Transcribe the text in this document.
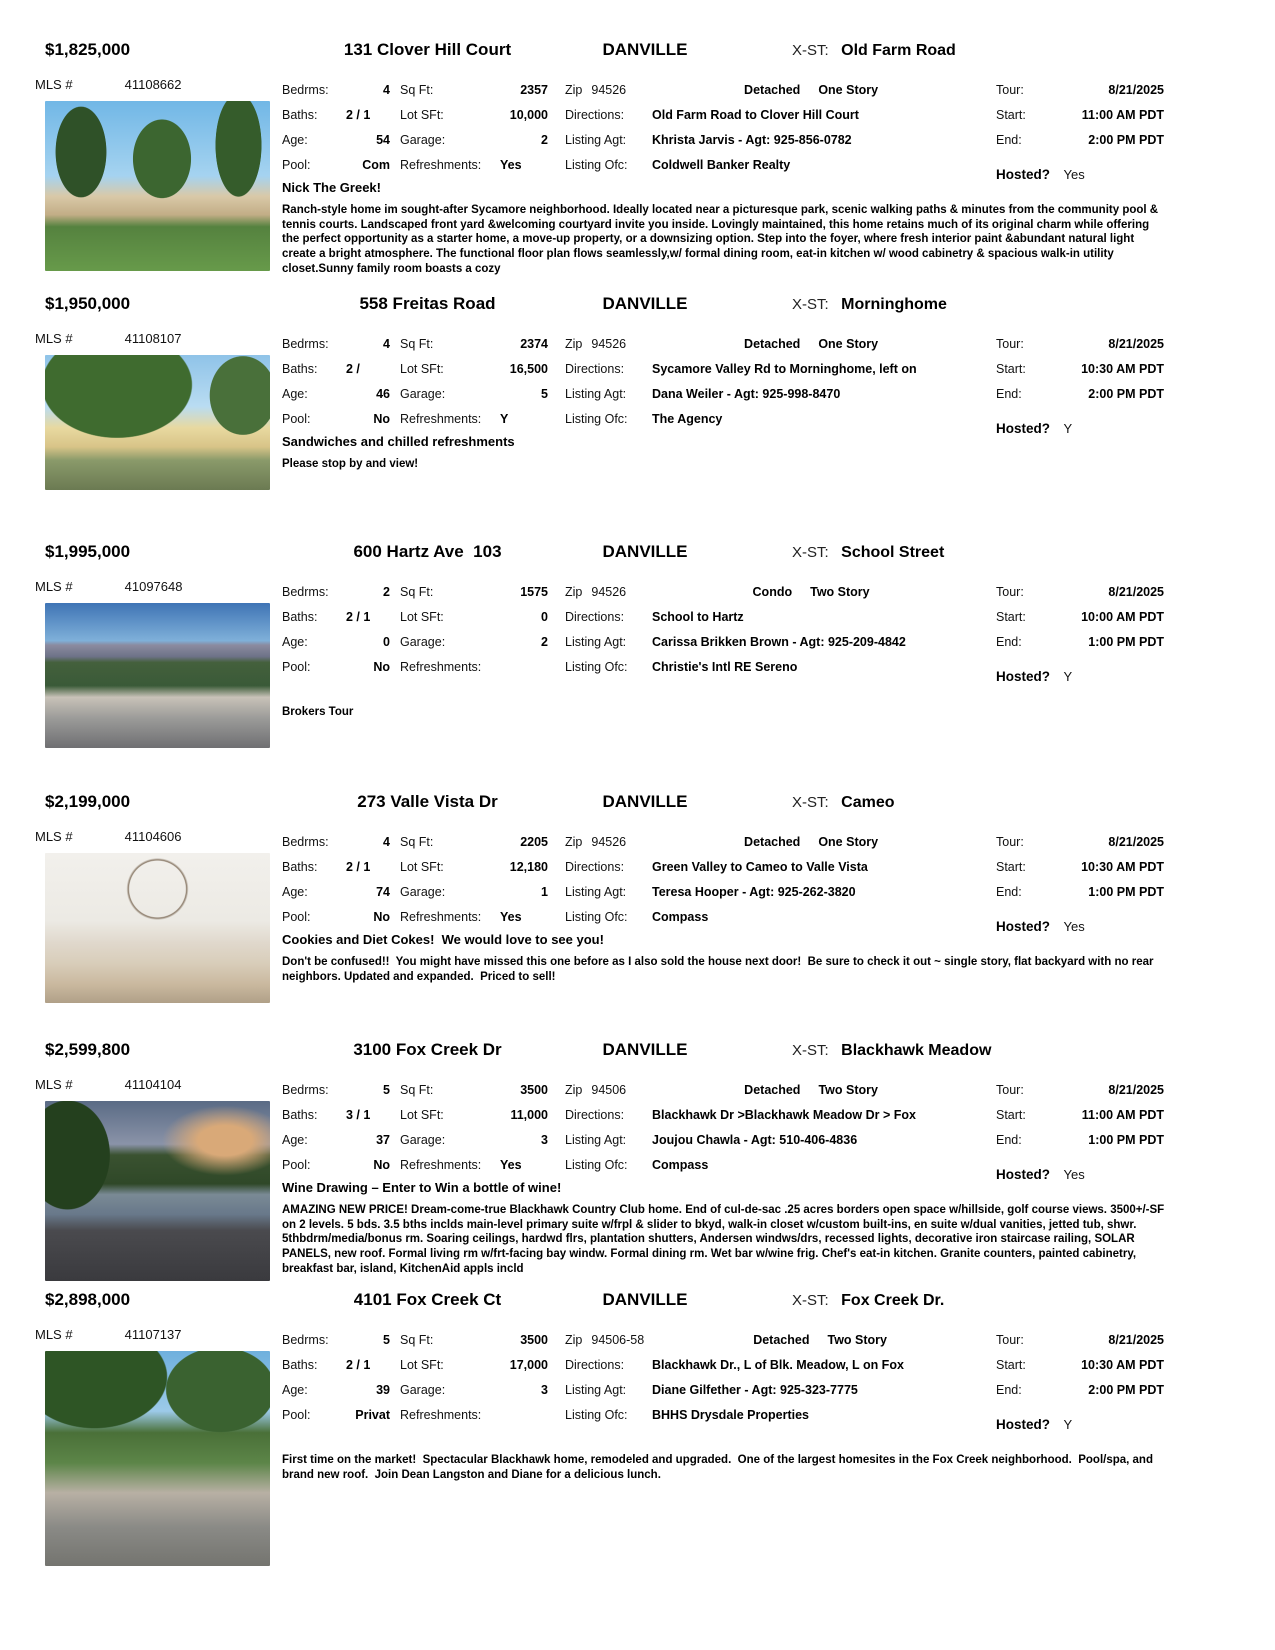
$1,825,000	131 Clover Hill Court	DANVILLE	X-ST: Old Farm Road
MLS #	41108662	Bedrms:	4 Sq Ft:	2357 Zip 94526	Detached One Story	Tour:	8/21/2025
Baths:	2 / 1	Lot SFt:	10,000	Directions:	Old Farm Road to Clover Hill Court	Start:	11:00 AM PDT
Age:	54 Garage:	2	Listing Agt:	Khrista Jarvis - Agt: 925-856-0782	End:	2:00 PM PDT
Pool:	Com Refreshments:	Yes	Listing Ofc:	Coldwell Banker Realty
Hosted? Yes
Nick The Greek!
Ranch-style home im sought-after Sycamore neighborhood. Ideally located near a picturesque park, scenic walking paths & minutes from the community pool & tennis courts. Landscaped front yard &welcoming courtyard invite you inside. Lovingly maintained, this home retains much of its original charm while offering the perfect opportunity as a starter home, a move-up property, or a downsizing option. Step into the foyer, where fresh interior paint &abundant natural light create a bright atmosphere. The functional floor plan flows seamlessly,w/ formal dining room, eat-in kitchen w/ wood cabinetry & spacious walk-in utility closet.Sunny family room boasts a cozy
$1,950,000	558 Freitas Road	DANVILLE	X-ST: Morninghome
MLS #	41108107	Bedrms:	4 Sq Ft:	2374 Zip 94526	Detached One Story	Tour:	8/21/2025
Baths:	2 /	Lot SFt:	16,500	Directions:	Sycamore Valley Rd to Morninghome, left on	Start:	10:30 AM PDT
Age:	46 Garage:	5	Listing Agt:	Dana Weiler - Agt: 925-998-8470	End:	2:00 PM PDT
Pool:	No Refreshments:	Y	Listing Ofc:	The Agency
Hosted? Y
Sandwiches and chilled refreshments
Please stop by and view!
$1,995,000	600 Hartz Ave  103	DANVILLE	X-ST: School Street
MLS #	41097648	Bedrms:	2 Sq Ft:	1575 Zip 94526	Condo Two Story	Tour:	8/21/2025
Baths:	2 / 1	Lot SFt:	0	Directions:	School to Hartz	Start:	10:00 AM PDT
Age:	0 Garage:	2	Listing Agt:	Carissa Brikken Brown - Agt: 925-209-4842	End:	1:00 PM PDT
Pool:	No Refreshments:	Listing Ofc:	Christie's Intl RE Sereno
Hosted? Y
Brokers Tour
$2,199,000	273 Valle Vista Dr	DANVILLE	X-ST: Cameo
MLS #	41104606	Bedrms:	4 Sq Ft:	2205 Zip 94526	Detached One Story	Tour:	8/21/2025
Baths:	2 / 1	Lot SFt:	12,180	Directions:	Green Valley to Cameo to Valle Vista	Start:	10:30 AM PDT
Age:	74 Garage:	1	Listing Agt:	Teresa Hooper - Agt: 925-262-3820	End:	1:00 PM PDT
Pool:	No Refreshments:	Yes	Listing Ofc:	Compass
Hosted? Yes
Cookies and Diet Cokes!  We would love to see you!
Don't be confused!!  You might have missed this one before as I also sold the house next door!  Be sure to check it out ~ single story, flat backyard with no rear neighbors. Updated and expanded.  Priced to sell!
$2,599,800	3100 Fox Creek Dr	DANVILLE	X-ST: Blackhawk Meadow
MLS #	41104104	Bedrms:	5 Sq Ft:	3500 Zip 94506	Detached Two Story	Tour:	8/21/2025
Baths:	3 / 1	Lot SFt:	11,000	Directions:	Blackhawk Dr >Blackhawk Meadow Dr > Fox	Start:	11:00 AM PDT
Age:	37 Garage:	3	Listing Agt:	Joujou Chawla - Agt: 510-406-4836	End:	1:00 PM PDT
Pool:	No Refreshments:	Yes	Listing Ofc:	Compass
Hosted? Yes
Wine Drawing – Enter to Win a bottle of wine!
AMAZING NEW PRICE! Dream-come-true Blackhawk Country Club home. End of cul-de-sac .25 acres borders open space w/hillside, golf course views. 3500+/-SF on 2 levels. 5 bds. 3.5 bths inclds main-level primary suite w/frpl & slider to bkyd, walk-in closet w/custom built-ins, en suite w/dual vanities, jetted tub, shwr. 5thbdrm/media/bonus rm. Soaring ceilings, hardwd flrs, plantation shutters, Andersen windws/drs, recessed lights, decorative iron staircase railing, SOLAR PANELS, new roof. Formal living rm w/frt-facing bay windw. Formal dining rm. Wet bar w/wine frig. Chef's eat-in kitchen. Granite counters, painted cabinetry,  breakfast bar, island, KitchenAid appls incld
$2,898,000	4101 Fox Creek Ct	DANVILLE	X-ST: Fox Creek Dr.
MLS #	41107137	Bedrms:	5 Sq Ft:	3500 Zip 94506-58	Detached Two Story	Tour:	8/21/2025
Baths:	2 / 1	Lot SFt:	17,000	Directions:	Blackhawk Dr., L of Blk. Meadow, L on Fox	Start:	10:30 AM PDT
Age:	39 Garage:	3	Listing Agt:	Diane Gilfether - Agt: 925-323-7775	End:	2:00 PM PDT
Pool:	Privat Refreshments:	Listing Ofc:	BHHS Drysdale Properties
Hosted? Y
First time on the market!  Spectacular Blackhawk home, remodeled and upgraded.  One of the largest homesites in the Fox Creek neighborhood.  Pool/spa, and brand new roof.  Join Dean Langston and Diane for a delicious lunch.
